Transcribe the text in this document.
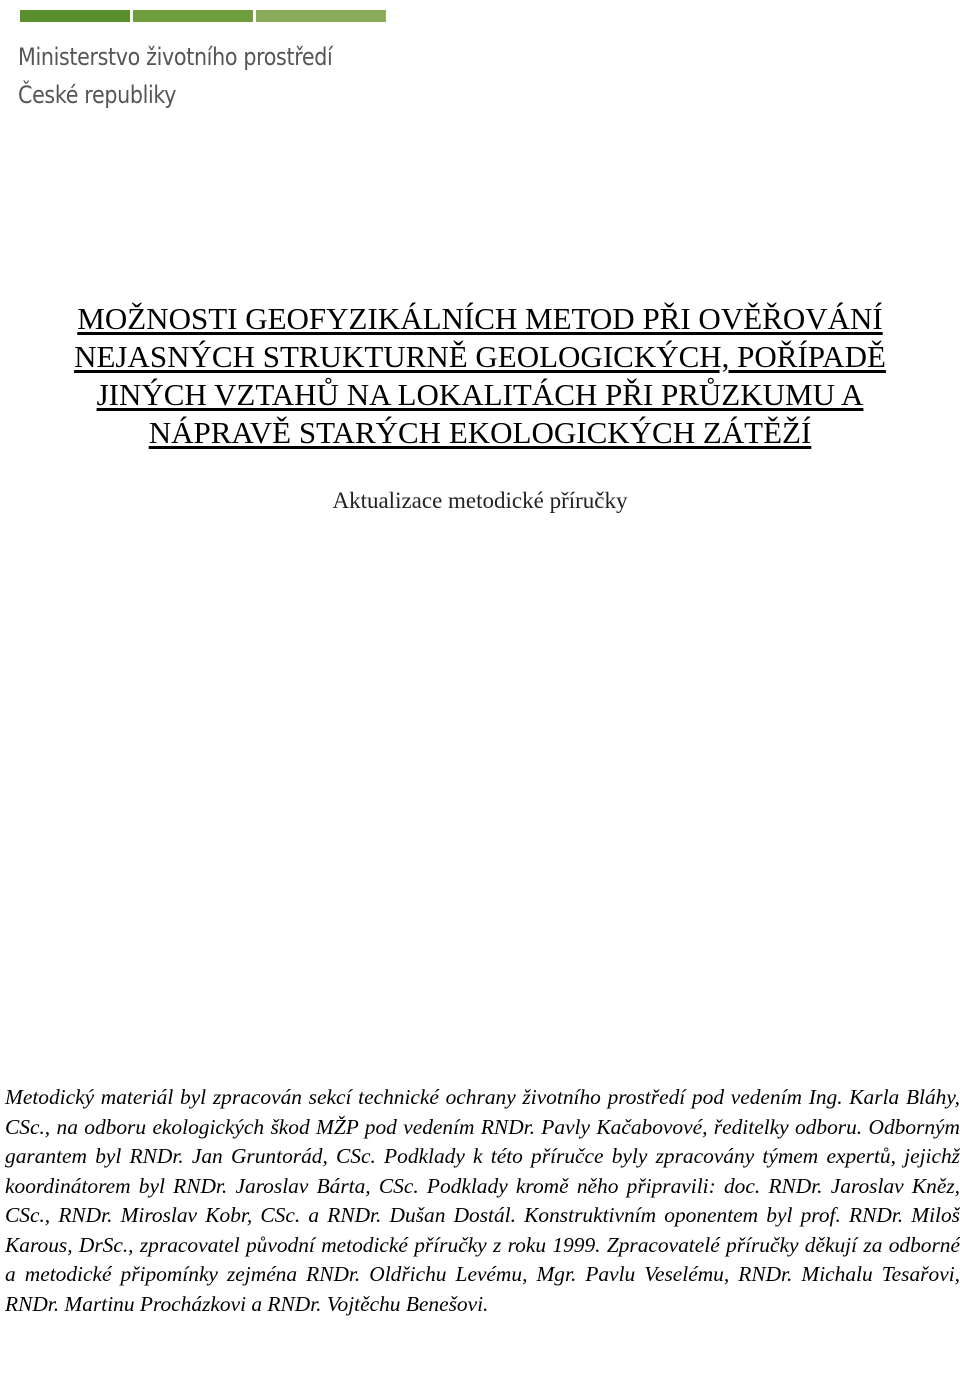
Ministerstvo životního prostředí
České republiky
MOŽNOSTI GEOFYZIKÁLNÍCH METOD PŘI OVĚŘOVÁNÍ
NEJASNÝCH STRUKTURNĚ GEOLOGICKÝCH, POŘÍPADĚ
JINÝCH VZTAHŮ NA LOKALITÁCH PŘI PRŮZKUMU A
NÁPRAVĚ STARÝCH EKOLOGICKÝCH ZÁTĚŽÍ
Aktualizace metodické příručky

Metodický materiál byl zpracován sekcí technické ochrany životního prostředí pod vedením Ing. Karla Bláhy, CSc., na odboru ekologických škod MŽP pod vedením RNDr. Pavly Kačabovové, ředitelky odboru. Odborným garantem byl RNDr. Jan Gruntorád, CSc. Podklady k této příručce byly zpracovány týmem expertů, jejichž koordinátorem byl RNDr. Jaroslav Bárta, CSc. Podklady kromě něho připravili: doc. RNDr. Jaroslav Kněz, CSc., RNDr. Miroslav Kobr, CSc. a RNDr. Dušan Dostál. Konstruktivním oponentem byl prof. RNDr. Miloš Karous, DrSc., zpracovatel původní metodické příručky z roku 1999. Zpracovatelé příručky děkují za odborné a metodické připomínky zejména RNDr. Oldřichu Levému, Mgr. Pavlu Veselému, RNDr. Michalu Tesařovi, RNDr. Martinu Procházkovi a RNDr. Vojtěchu Benešovi.
